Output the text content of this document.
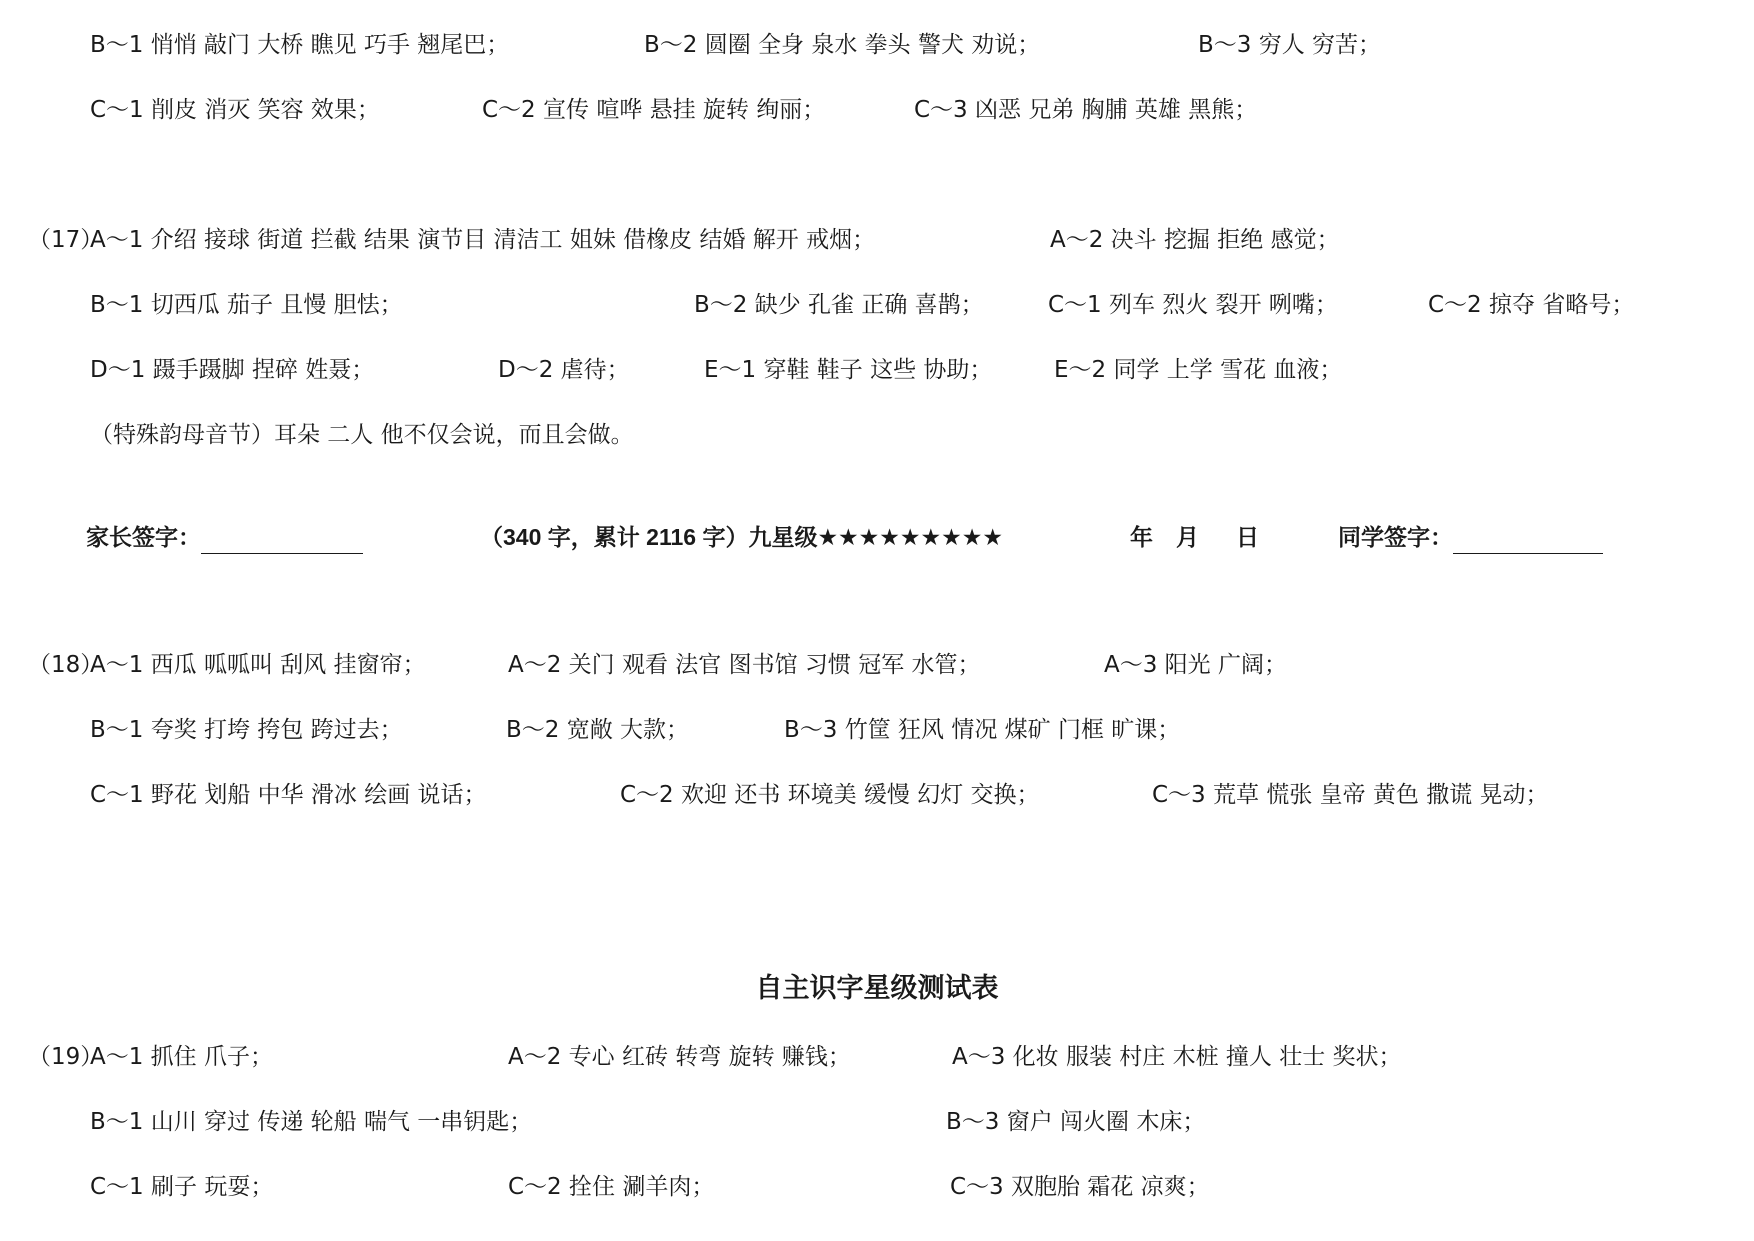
B～1 悄悄 敲门 大桥 瞧见 巧手 翘尾巴；	B～2 圆圈 全身 泉水 拳头 警犬 劝说；	B～3 穷人 穷苦；
C～1 削皮 消灭 笑容 效果；	C～2 宣传 喧哗 悬挂 旋转 绚丽；	C～3 凶恶 兄弟 胸脯 英雄 黑熊；
（17）
A～1 介绍 接球 街道 拦截 结果 演节目 清洁工 姐妹 借橡皮 结婚 解开 戒烟；	A～2 决斗 挖掘 拒绝 感觉；
B～1 切西瓜 茄子 且慢 胆怯；	B～2 缺少 孔雀 正确 喜鹊；	C～1 列车 烈火 裂开 咧嘴；	C～2 掠夺 省略号；
D～1 蹑手蹑脚 捏碎 姓聂；	D～2 虐待；	E～1 穿鞋 鞋子 这些 协助；	E～2 同学 上学 雪花 血液；
（特殊韵母音节）耳朵 二人 他不仅会说，而且会做。
家长签字：	（340 字，累计 2116 字）九星级★★★★★★★★★	年 月 日	同学签字：
（18）
A～1 西瓜 呱呱叫 刮风 挂窗帘；	A～2 关门 观看 法官 图书馆 习惯 冠军 水管；	A～3 阳光 广阔；
B～1 夸奖 打垮 挎包 跨过去；	B～2 宽敞 大款；	B～3 竹筐 狂风 情况 煤矿 门框 旷课；
C～1 野花 划船 中华 滑冰 绘画 说话；	C～2 欢迎 还书 环境美 缓慢 幻灯 交换；	C～3 荒草 慌张 皇帝 黄色 撒谎 晃动；
自主识字星级测试表
（19）
A～1 抓住 爪子；	A～2 专心 红砖 转弯 旋转 赚钱；	A～3 化妆 服装 村庄 木桩 撞人 壮士 奖状；
B～1 山川 穿过 传递 轮船 喘气 一串钥匙；	B～3 窗户 闯火圈 木床；
C～1 刷子 玩耍；	C～2 拴住 涮羊肉；	C～3 双胞胎 霜花 凉爽；
